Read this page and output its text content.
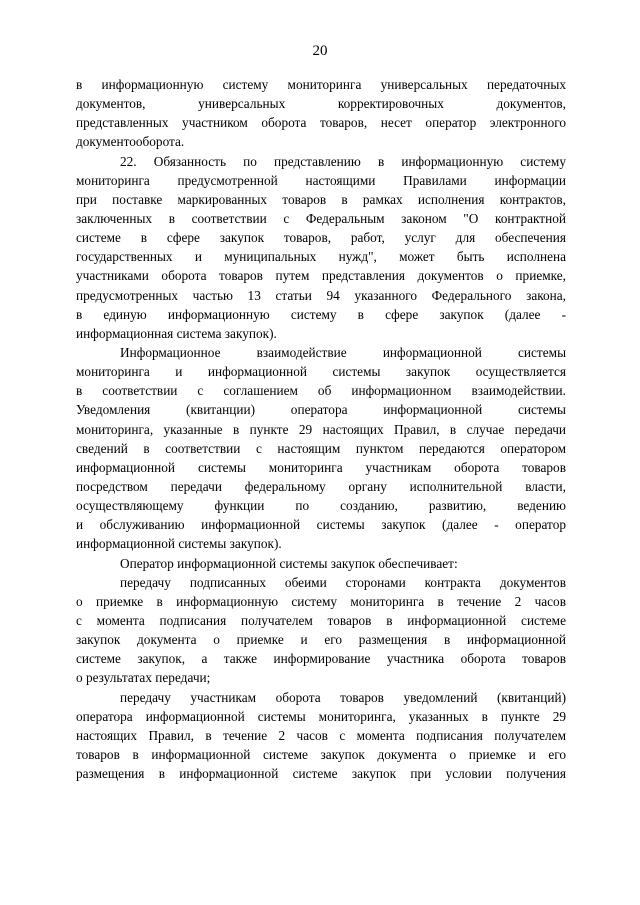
20
в информационную систему мониторинга универсальных передаточных
документов, универсальных корректировочных документов,
представленных участником оборота товаров, несет оператор электронного
документооборота.
22. Обязанность по представлению в информационную систему
мониторинга предусмотренной настоящими Правилами информации
при поставке маркированных товаров в рамках исполнения контрактов,
заключенных в соответствии с Федеральным законом "О контрактной
системе в сфере закупок товаров, работ, услуг для обеспечения
государственных и муниципальных нужд", может быть исполнена
участниками оборота товаров путем представления документов о приемке,
предусмотренных частью 13 статьи 94 указанного Федерального закона,
в единую информационную систему в сфере закупок (далее -
информационная система закупок).
Информационное взаимодействие информационной системы
мониторинга и информационной системы закупок осуществляется
в соответствии с соглашением об информационном взаимодействии.
Уведомления (квитанции) оператора информационной системы
мониторинга, указанные в пункте 29 настоящих Правил, в случае передачи
сведений в соответствии с настоящим пунктом передаются оператором
информационной системы мониторинга участникам оборота товаров
посредством передачи федеральному органу исполнительной власти,
осуществляющему функции по созданию, развитию, ведению
и обслуживанию информационной системы закупок (далее - оператор
информационной системы закупок).
Оператор информационной системы закупок обеспечивает:
передачу подписанных обеими сторонами контракта документов
о приемке в информационную систему мониторинга в течение 2 часов
с момента подписания получателем товаров в информационной системе
закупок документа о приемке и его размещения в информационной
системе закупок, а также информирование участника оборота товаров
о результатах передачи;
передачу участникам оборота товаров уведомлений (квитанций)
оператора информационной системы мониторинга, указанных в пункте 29
настоящих Правил, в течение 2 часов с момента подписания получателем
товаров в информационной системе закупок документа о приемке и его
размещения в информационной системе закупок при условии получения
